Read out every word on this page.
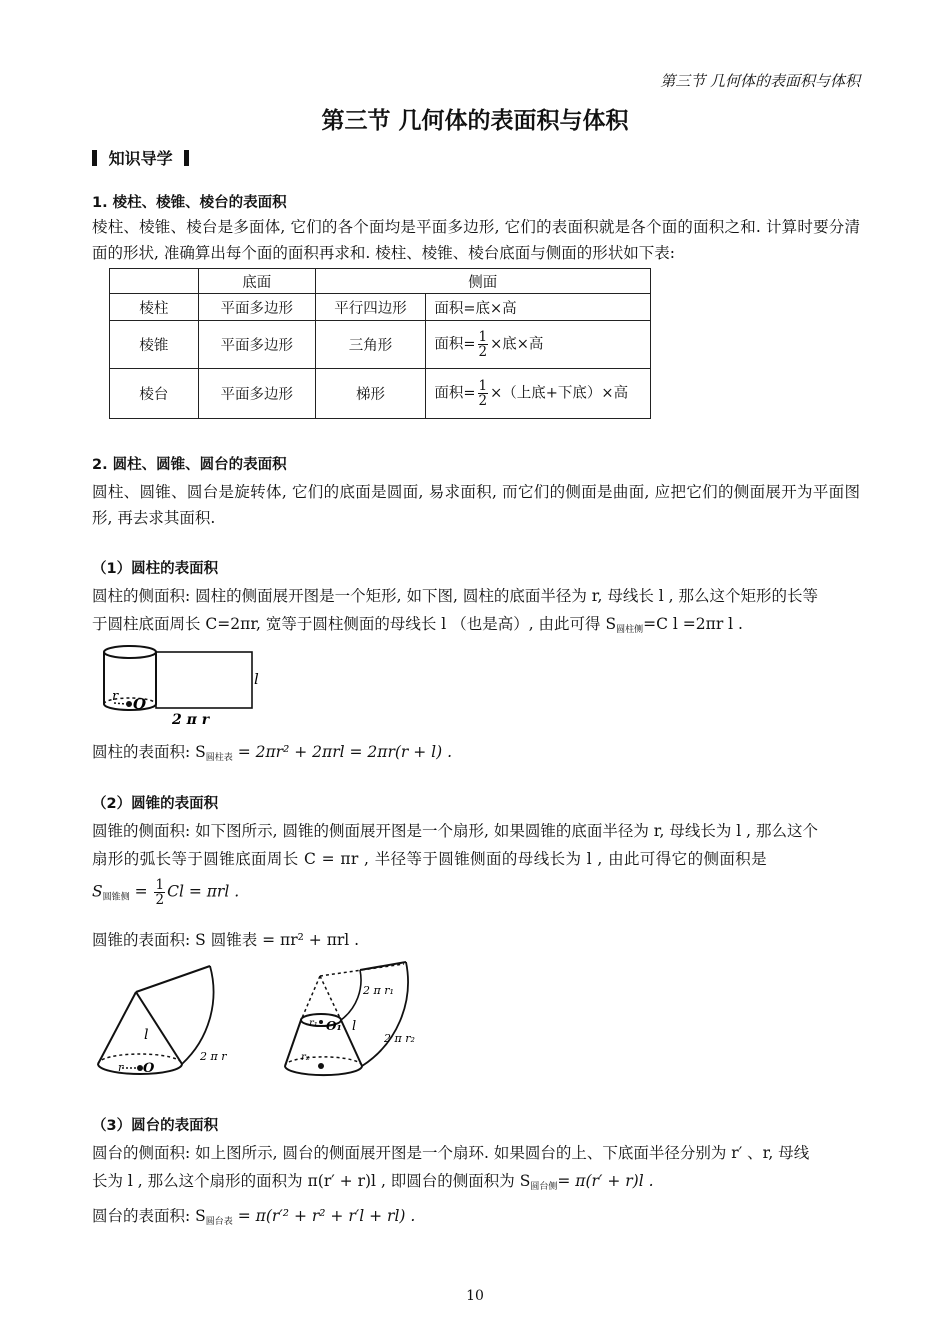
第三节 几何体的表面积与体积
第三节 几何体的表面积与体积
知识导学
1. 棱柱、棱锥、棱台的表面积
棱柱、棱锥、棱台是多面体, 它们的各个面均是平面多边形, 它们的表面积就是各个面的面积之和. 计算时要分清面的形状, 准确算出每个面的面积再求和. 棱柱、棱锥、棱台底面与侧面的形状如下表:
	底面	侧面	
棱柱	平面多边形	平行四边形	面积=底×高
棱锥	平面多边形	三角形	面积= $\frac{1}{2}$ ×底×高
棱台	平面多边形	梯形	面积= $\frac{1}{2}$ ×（上底+下底）×高
2. 圆柱、圆锥、圆台的表面积
圆柱、圆锥、圆台是旋转体, 它们的底面是圆面, 易求面积, 而它们的侧面是曲面, 应把它们的侧面展开为平面图形, 再去求其面积.
（1）圆柱的表面积
圆柱的侧面积: 圆柱的侧面展开图是一个矩形, 如下图, 圆柱的底面半径为 r, 母线长 l , 那么这个矩形的长等
于圆柱底面周长 C=2πr, 宽等于圆柱侧面的母线长 l （也是高）, 由此可得 $S_{圆柱侧}=C$ l =2πr l .
l
r O
2 π r
圆柱的表面积: $S_{圆柱表} = 2\pi r^2 + 2\pi rl = 2\pi r(r + l)$ .
（2）圆锥的表面积
圆锥的侧面积: 如下图所示, 圆锥的侧面展开图是一个扇形, 如果圆锥的底面半径为 r, 母线长为 l , 那么这个
扇形的弧长等于圆锥底面周长 C = πr , 半径等于圆锥侧面的母线长为 l , 由此可得它的侧面积是
$S_{圆锥侧} = \frac{1}{2}$ Cl = πrl .
圆锥的表面积: S 圆锥表 = πr² + πrl .
l
2 π r
r O
2 π r₁
2 π r₂
r₁ O₁
r₂
l
（3）圆台的表面积
圆台的侧面积: 如上图所示, 圆台的侧面展开图是一个扇环. 如果圆台的上、下底面半径分别为 r′ 、r, 母线
长为 l , 那么这个扇形的面积为 π(r′ + r)l , 即圆台的侧面积为 $S_{圆台侧}= \pi(r' + r)l$ .
圆台的表面积: $S_{圆台表} = \pi(r'^2 + r^2 + r'l + rl)$ .
10
